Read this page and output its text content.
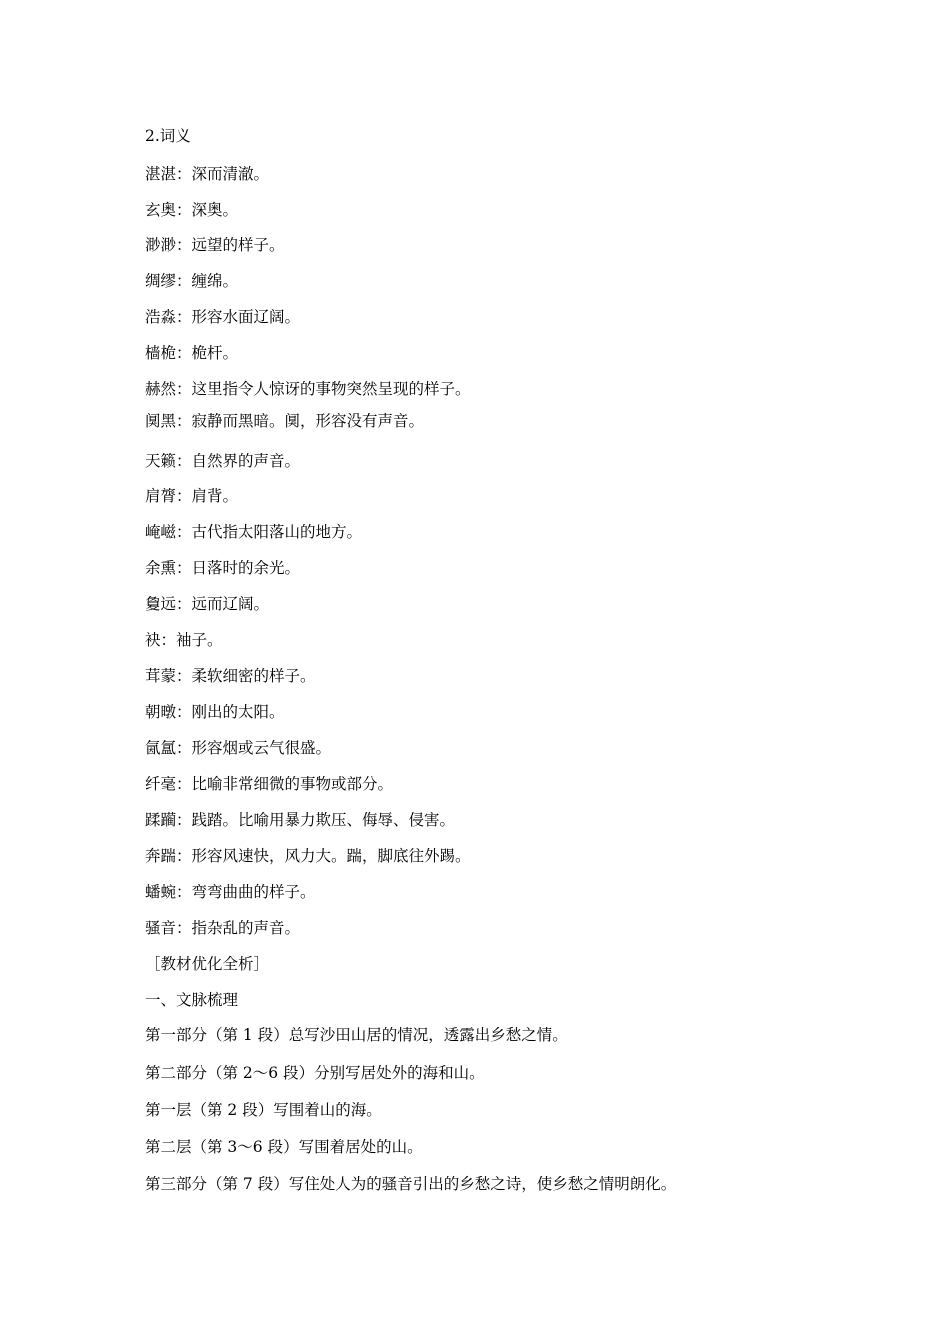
2.词义
湛湛：深而清澈。
玄奥：深奥。
渺渺：远望的样子。
绸缪：缠绵。
浩淼：形容水面辽阔。
樯桅：桅杆。
赫然：这里指令人惊讶的事物突然呈现的样子。
阒黑：寂静而黑暗。阒，形容没有声音。
天籁：自然界的声音。
肩膂：肩背。
崦嵫：古代指太阳落山的地方。
余熏：日落时的余光。
敻远：远而辽阔。
袂：袖子。
茸蒙：柔软细密的样子。
朝暾：刚出的太阳。
氤氲：形容烟或云气很盛。
纤毫：比喻非常细微的事物或部分。
蹂躏：践踏。比喻用暴力欺压、侮辱、侵害。
奔踹：形容风速快，风力大。踹，脚底往外踢。
蟠蜿：弯弯曲曲的样子。
骚音：指杂乱的声音。
［教材优化全析］
一、文脉梳理
第一部分（第 1 段）总写沙田山居的情况，透露出乡愁之情。
第二部分（第 2～6 段）分别写居处外的海和山。
第一层（第 2 段）写围着山的海。
第二层（第 3～6 段）写围着居处的山。
第三部分（第 7 段）写住处人为的骚音引出的乡愁之诗，使乡愁之情明朗化。
